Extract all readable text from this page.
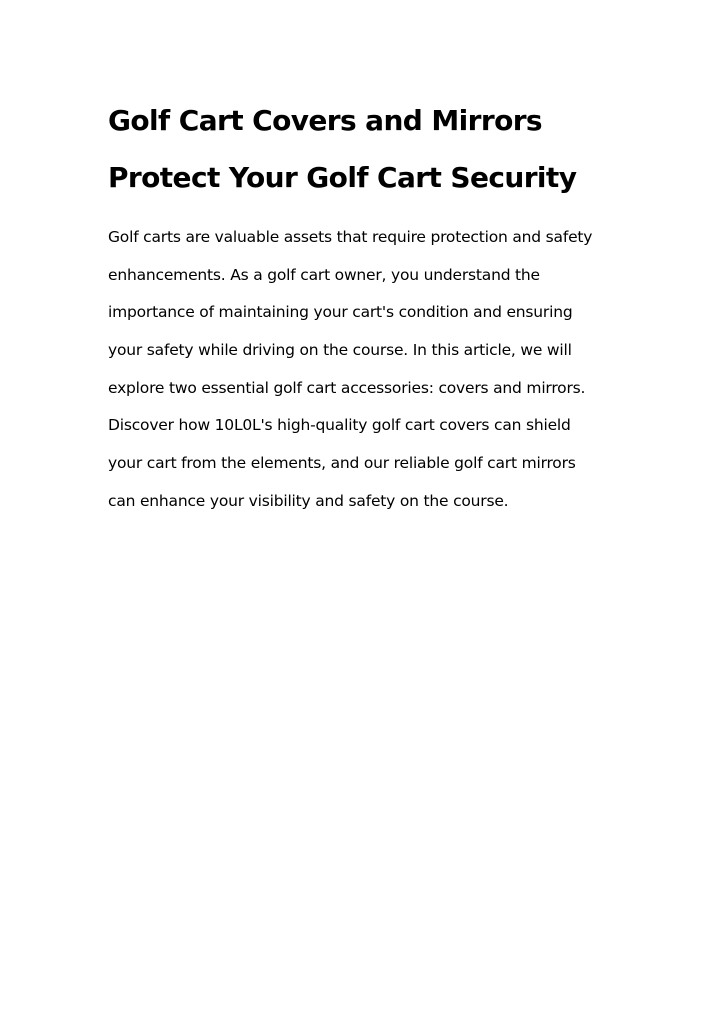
Golf Cart Covers and Mirrors
Protect Your Golf Cart Security

Golf carts are valuable assets that require protection and safety
enhancements. As a golf cart owner, you understand the
importance of maintaining your cart's condition and ensuring
your safety while driving on the course. In this article, we will
explore two essential golf cart accessories: covers and mirrors.
Discover how 10L0L's high-quality golf cart covers can shield
your cart from the elements, and our reliable golf cart mirrors
can enhance your visibility and safety on the course.
